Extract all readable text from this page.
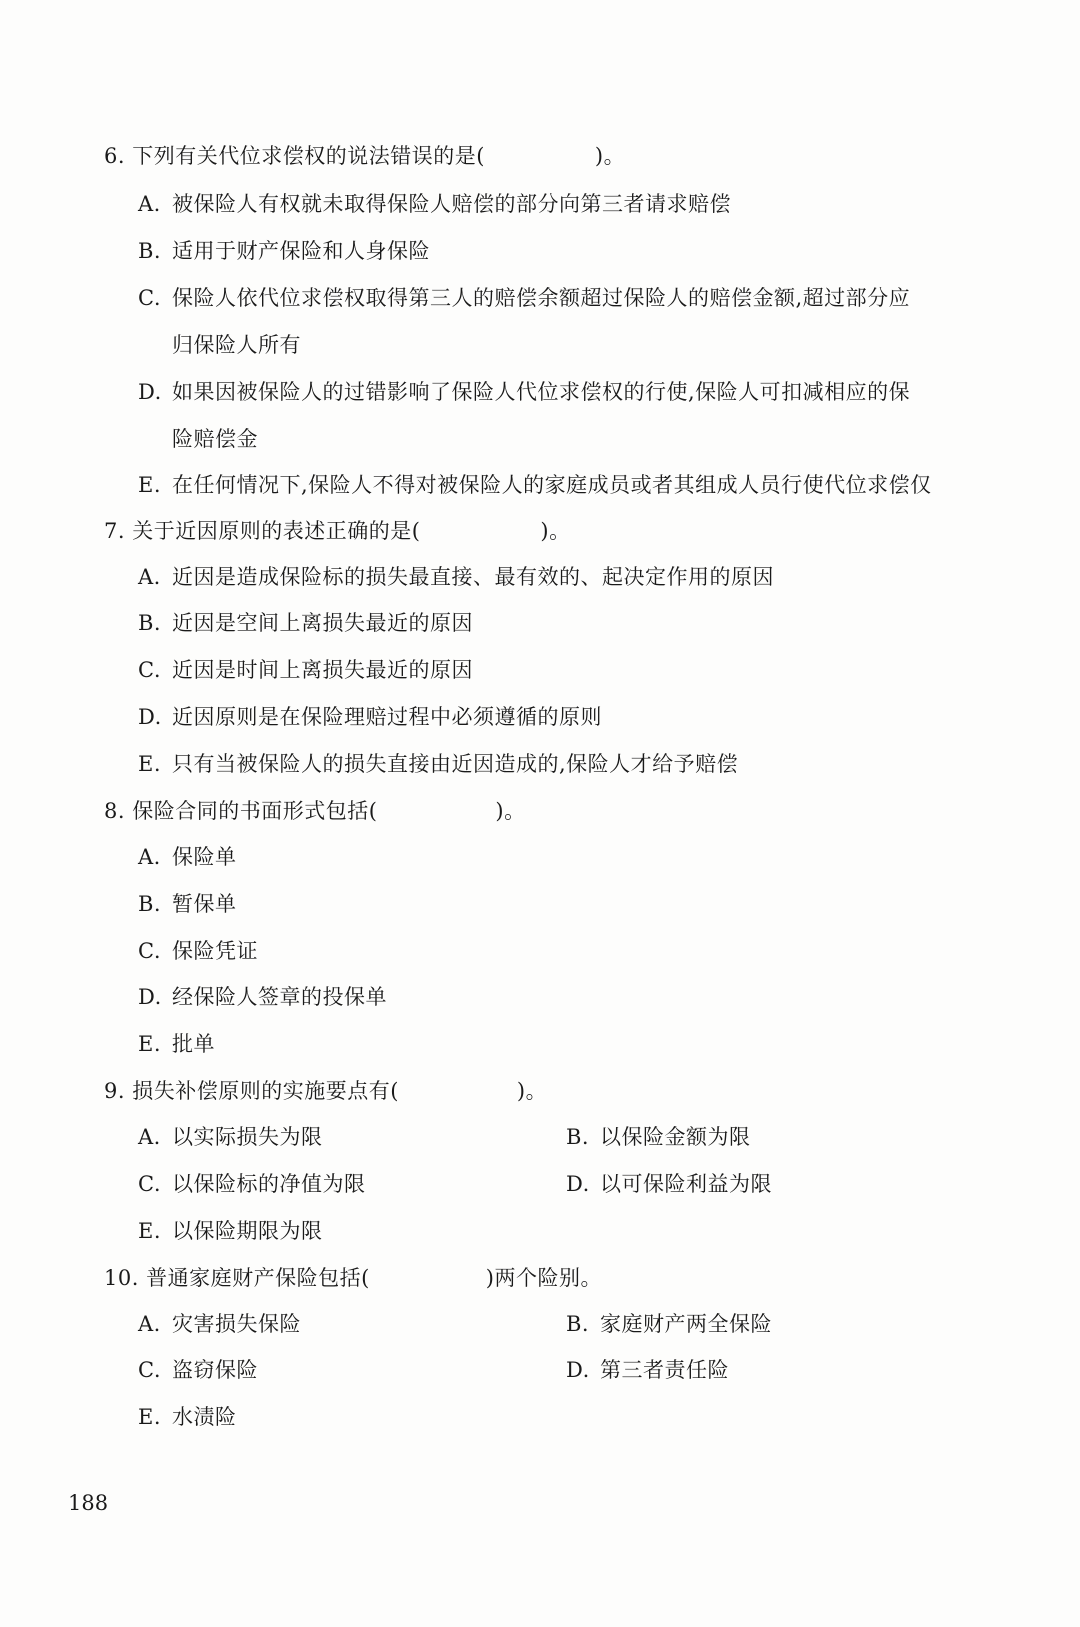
6. 下列有关代位求偿权的说法错误的是(	)。
A. 被保险人有权就未取得保险人赔偿的部分向第三者请求赔偿
B. 适用于财产保险和人身保险
C. 保险人依代位求偿权取得第三人的赔偿余额超过保险人的赔偿金额,超过部分应
归保险人所有
D. 如果因被保险人的过错影响了保险人代位求偿权的行使,保险人可扣减相应的保
险赔偿金
E. 在任何情况下,保险人不得对被保险人的家庭成员或者其组成人员行使代位求偿仅
7. 关于近因原则的表述正确的是(	)。
A. 近因是造成保险标的损失最直接、最有效的、起决定作用的原因
B. 近因是空间上离损失最近的原因
C. 近因是时间上离损失最近的原因
D. 近因原则是在保险理赔过程中必须遵循的原则
E. 只有当被保险人的损失直接由近因造成的,保险人才给予赔偿
8. 保险合同的书面形式包括(	)。
A. 保险单
B. 暂保单
C. 保险凭证
D. 经保险人签章的投保单
E. 批单
9. 损失补偿原则的实施要点有(	)。
A. 以实际损失为限	B. 以保险金额为限
C. 以保险标的净值为限	D. 以可保险利益为限
E. 以保险期限为限
10. 普通家庭财产保险包括(	)两个险别。
A. 灾害损失保险	B. 家庭财产两全保险
C. 盗窃保险	D. 第三者责任险
E. 水渍险
188
